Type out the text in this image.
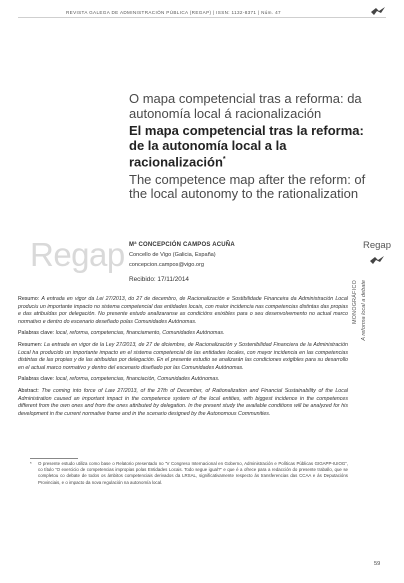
REVISTA GALEGA DE ADMINISTRACIÓN PÚBLICA (REGAP) | ISSN: 1132-8371 | Núm. 47
O mapa competencial tras a reforma: da autonomía local á racionalización
El mapa competencial tras la reforma: de la autonomía local a la racionalización*
The competence map after the reform: of the local autonomy to the rationalization
Regap Mª CONCEPCIÓN CAMPOS ACUÑA
Concello de Vigo (Galicia, España)
concepcion.campos@vigo.org
Recibido: 17/11/2014
Regap
MONOGRÁFICO A reforma local a debate

Resumo: A entrada en vigor da Lei 27/2013, do 27 de decembro, de Racionalización e Sostibilidade Financeira da Administración Local produciu un importante impacto no sistema competencial das entidades locais, con maior incidencia nas competencias distintas das propias e das atribuídas por delegación. No presente estudo analizaranse as condicións esixibles para o seu desenvolvemento no actual marco normativo e dentro do escenario deseñado polas Comunidades Autónomas.

Palabras clave: local, reforma, competencias, financiamento, Comunidades Autónomas.

Resumen: La entrada en vigor de la Ley 27/2013, de 27 de diciembre, de Racionalización y Sostenibilidad Financiera de la Administración Local ha producido un importante impacto en el sistema competencial de las entidades locales, con mayor incidencia en las competencias distintas de las propias y de las atribuidas por delegación. En el presente estudio se analizarán las condiciones exigibles para su desarrollo en el actual marco normativo y dentro del escenario diseñado por las Comunidades Autónomas.

Palabras clave: local, reforma, competencias, financiación, Comunidades Autónomas.

Abstract: The coming into force of Law 27/2013, of the 27th of December, of Rationalization and Financial Sustainability of the Local Administration caused an important impact in the competence system of the local entities, with biggest incidence in the competences different from the own ones and from the ones attributed by delegation. In the present study the available conditions will be analyzed for his development in the current normative frame and in the scenario designed by the Autonomous Communities.

* O presente estudo utiliza como base o Relatorio presentado no “V Congreso Internacional en Goberno, Administración e Políticas Públicas GIGAPP-IUIOG”, co título “O exercicio de competencias impropias polas Entidades Locais. Todo segue igual?” e que é a ofrece para a redacción do presente traballo, que se completou co debate de todos os ámbitos competenciais derivados da LRSAL, significativamente respecto ás transferencias das CCAA e ás Deputacións Provinciais, e o impacto da nova regulación na autonomía local.
59
